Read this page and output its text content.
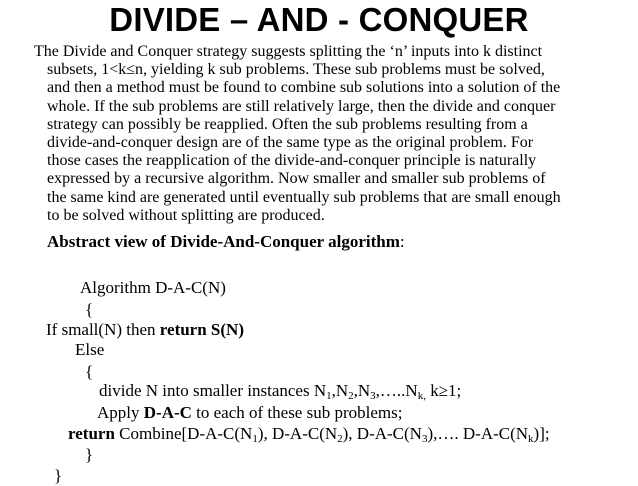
DIVIDE – AND - CONQUER
The Divide and Conquer strategy suggests splitting the ‘n’ inputs into k distinct
subsets, 1<k≤n, yielding k sub problems. These sub problems must be solved,
and then a method must be found to combine sub solutions into a solution of the
whole. If the sub problems are still relatively large, then the divide and conquer
strategy can possibly be reapplied. Often the sub problems resulting from a
divide-and-conquer design are of the same type as the original problem. For
those cases the reapplication of the divide-and-conquer principle is naturally
expressed by a recursive algorithm. Now smaller and smaller sub problems of
the same kind are generated until eventually sub problems that are small enough
to be solved without splitting are produced.
Abstract view of Divide-And-Conquer algorithm:
Algorithm D-A-C(N)
{
If small(N) then return S(N)
Else
{
divide N into smaller instances $N_1,N_2,N_3,\dots..N_{k,}$ k≥1;
Apply D-A-C to each of these sub problems;
return $Combine[D-A-C(N_1)$, $D-A-C(N_2)$, $D-A-C(N_3),\dots$. $D-A-C(N_k)$];
}
}
